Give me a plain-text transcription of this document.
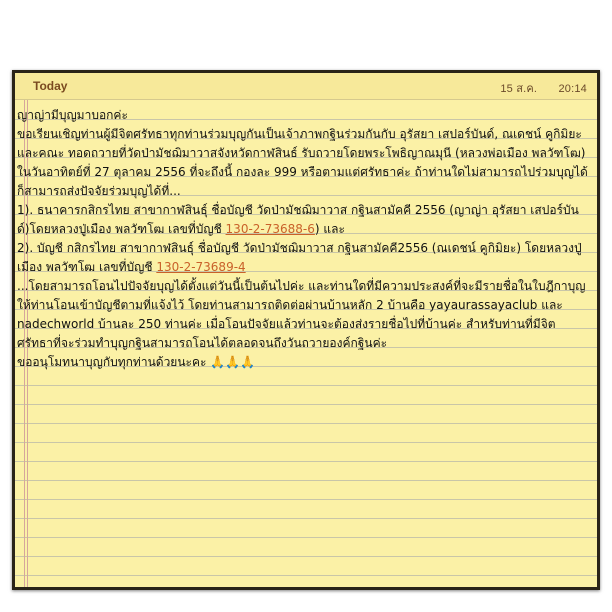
Today	15 ส.ค. 20:14
ญาญ่ามีบุญมาบอกค่ะ
ขอเรียนเชิญท่านผู้มีจิตศรัทธาทุกท่านร่วมบุญกันเป็นเจ้าภาพกฐินร่วมกันกับ อุรัสยา เสปอร์บันด์, ณเดชน์ คูกิมิยะ
และคณะ ทอดถวายที่วัดป่ามัชฌิมาวาสจังหวัดกาฬสินธ์ รับถวายโดยพระโพธิญาณมุนี (หลวงพ่อเมือง พลวัฑโฒ)
ในวันอาทิตย์ที่ 27 ตุลาคม 2556 ที่จะถึงนี้ กองละ 999 หรือตามแต่ศรัทธาค่ะ ถ้าท่านใดไม่สามารถไปร่วมบุญได้
ก็สามารถส่งปัจจัยร่วมบุญได้ที่...
1). ธนาคารกสิกรไทย สาขากาฬสินธุ์ ชื่อบัญชี วัดป่ามัชฌิมาวาส กฐินสามัคคี 2556 (ญาญ่า อุรัสยา เสปอร์บัน
ด์)โดยหลวงปู่เมือง พลวัฑโฒ เลขที่บัญชี 130-2-73688-6) และ
2). บัญชี กสิกรไทย สาขากาฬสินธุ์ ชื่อบัญชี วัดป่ามัชฌิมาวาส กฐินสามัคคี2556 (ณเดชน์ คูกิมิยะ) โดยหลวงปู่
เมือง พลวัฑโฒ เลขที่บัญชี 130-2-73689-4
...โดยสามารถโอนไปปัจจัยบุญได้ตั้งแต่วันนี้เป็นต้นไปค่ะ และท่านใดที่มีความประสงค์ที่จะมีรายชื่อในใบฎีกาบุญ
ให้ท่านโอนเข้าบัญชีตามที่แจ้งไว้ โดยท่านสามารถติดต่อผ่านบ้านหลัก 2 บ้านคือ yayaurassayaclub และ
nadechworld บ้านละ 250 ท่านค่ะ เมื่อโอนปัจจัยแล้วท่านจะต้องส่งรายชื่อไปที่บ้านค่ะ สำหรับท่านที่มีจิต
ศรัทธาที่จะร่วมทำบุญกฐินสามารถโอนได้ตลอดจนถึงวันถวายองค์กฐินค่ะ
ขออนุโมทนาบุญกับทุกท่านด้วยนะคะ 🙏🙏🙏
